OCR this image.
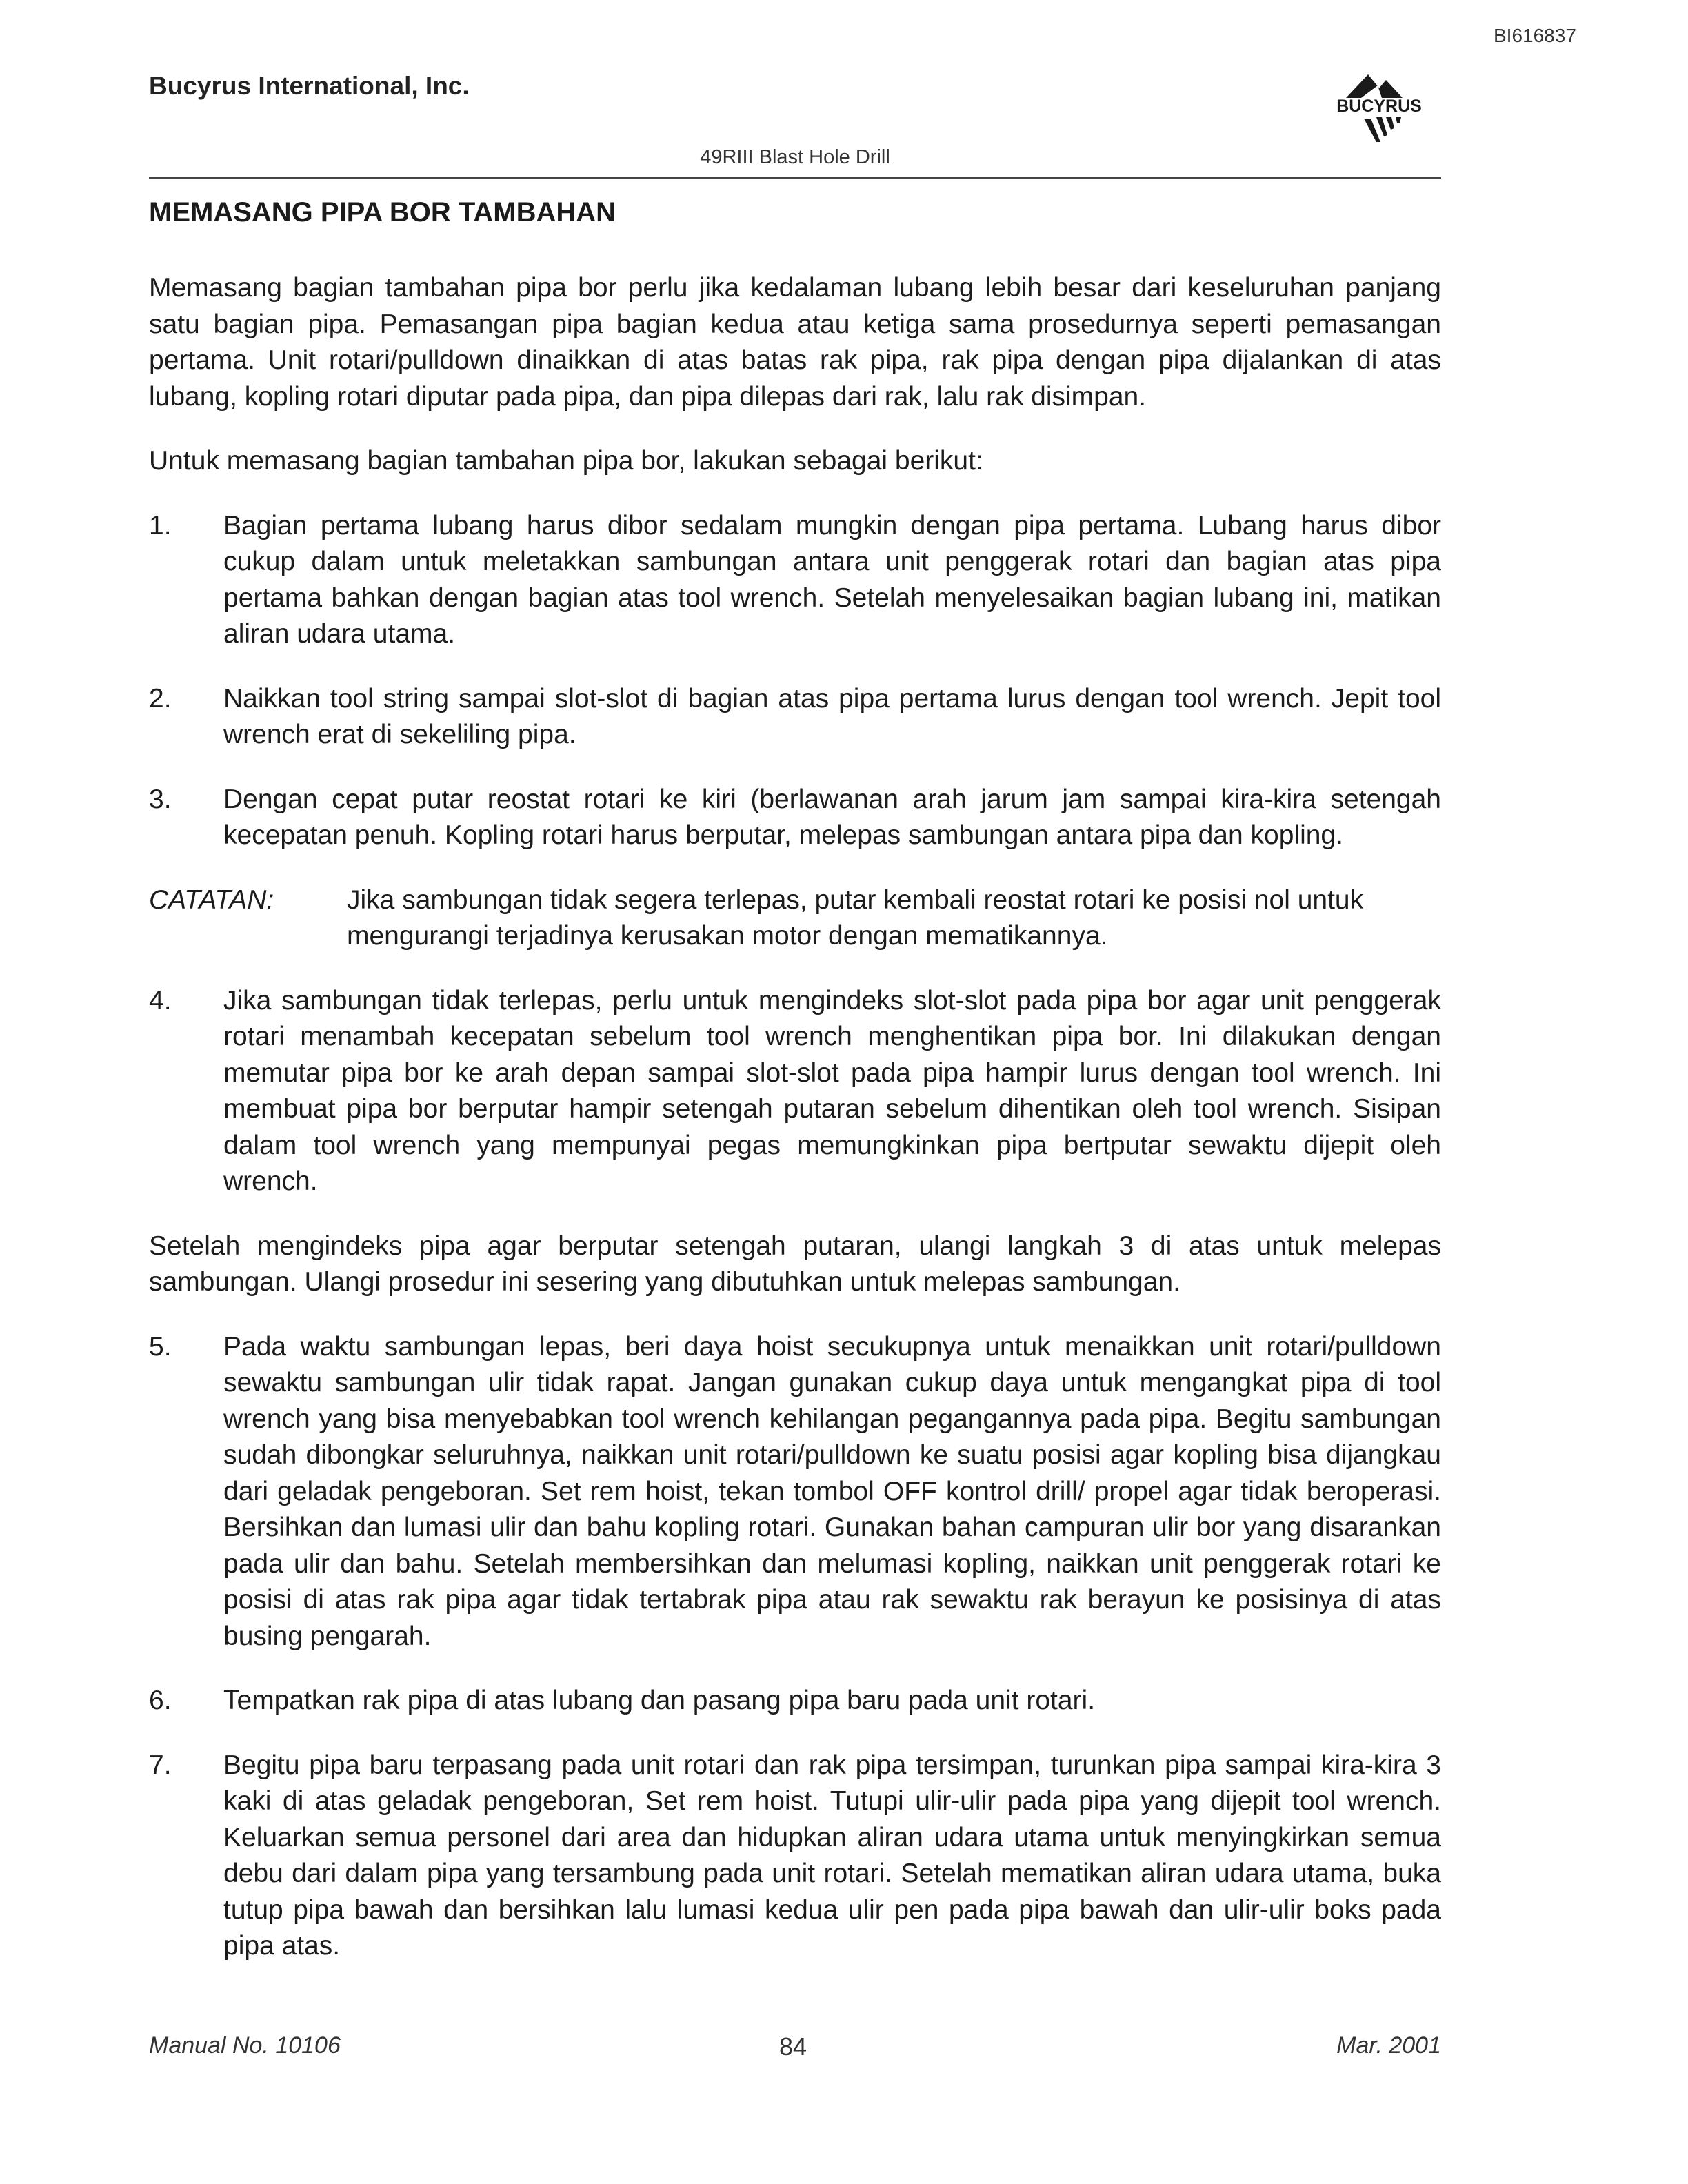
BI616837
Bucyrus International, Inc.
BUCYRUS
49RIII Blast Hole Drill
MEMASANG PIPA BOR TAMBAHAN

Memasang bagian tambahan pipa bor perlu jika kedalaman lubang lebih besar dari keseluruhan panjang satu bagian pipa. Pemasangan pipa bagian kedua atau ketiga sama prosedurnya seperti pemasangan pertama. Unit rotari/pulldown dinaikkan di atas batas rak pipa, rak pipa dengan pipa dijalankan di atas lubang, kopling rotari diputar pada pipa, dan pipa dilepas dari rak, lalu rak disimpan.

Untuk memasang bagian tambahan pipa bor, lakukan sebagai berikut:

1.	Bagian pertama lubang harus dibor sedalam mungkin dengan pipa pertama. Lubang harus dibor cukup dalam untuk meletakkan sambungan antara unit penggerak rotari dan bagian atas pipa pertama bahkan dengan bagian atas tool wrench. Setelah menyelesaikan bagian lubang ini, matikan aliran udara utama.
2.	Naikkan tool string sampai slot-slot di bagian atas pipa pertama lurus dengan tool wrench. Jepit tool wrench erat di sekeliling pipa.
3.	Dengan cepat putar reostat rotari ke kiri (berlawanan arah jarum jam sampai kira-kira setengah kecepatan penuh. Kopling rotari harus berputar, melepas sambungan antara pipa dan kopling.
CATATAN:	Jika sambungan tidak segera terlepas, putar kembali reostat rotari ke posisi nol untuk mengurangi terjadinya kerusakan motor dengan mematikannya.
4.	Jika sambungan tidak terlepas, perlu untuk mengindeks slot-slot pada pipa bor agar unit penggerak rotari menambah kecepatan sebelum tool wrench menghentikan pipa bor. Ini dilakukan dengan memutar pipa bor ke arah depan sampai slot-slot pada pipa hampir lurus dengan tool wrench. Ini membuat pipa bor berputar hampir setengah putaran sebelum dihentikan oleh tool wrench. Sisipan dalam tool wrench yang mempunyai pegas memungkinkan pipa bertputar sewaktu dijepit oleh wrench.

Setelah mengindeks pipa agar berputar setengah putaran, ulangi langkah 3 di atas untuk melepas sambungan. Ulangi prosedur ini sesering yang dibutuhkan untuk melepas sambungan.

5.	Pada waktu sambungan lepas, beri daya hoist secukupnya untuk menaikkan unit rotari/pulldown sewaktu sambungan ulir tidak rapat. Jangan gunakan cukup daya untuk mengangkat pipa di tool wrench yang bisa menyebabkan tool wrench kehilangan pegangannya pada pipa. Begitu sambungan sudah dibongkar seluruhnya, naikkan unit rotari/pulldown ke suatu posisi agar kopling bisa dijangkau dari geladak pengeboran. Set rem hoist, tekan tombol OFF kontrol drill/ propel agar tidak beroperasi. Bersihkan dan lumasi ulir dan bahu kopling rotari. Gunakan bahan campuran ulir bor yang disarankan pada ulir dan bahu. Setelah membersihkan dan melumasi kopling, naikkan unit penggerak rotari ke posisi di atas rak pipa agar tidak tertabrak pipa atau rak sewaktu rak berayun ke posisinya di atas busing pengarah.
6.	Tempatkan rak pipa di atas lubang dan pasang pipa baru pada unit rotari.
7.	Begitu pipa baru terpasang pada unit rotari dan rak pipa tersimpan, turunkan pipa sampai kira-kira 3 kaki di atas geladak pengeboran, Set rem hoist. Tutupi ulir-ulir pada pipa yang dijepit tool wrench. Keluarkan semua personel dari area dan hidupkan aliran udara utama untuk menyingkirkan semua debu dari dalam pipa yang tersambung pada unit rotari. Setelah mematikan aliran udara utama, buka tutup pipa bawah dan bersihkan lalu lumasi kedua ulir pen pada pipa bawah dan ulir-ulir boks pada pipa atas.
Manual No. 10106	84	Mar. 2001
